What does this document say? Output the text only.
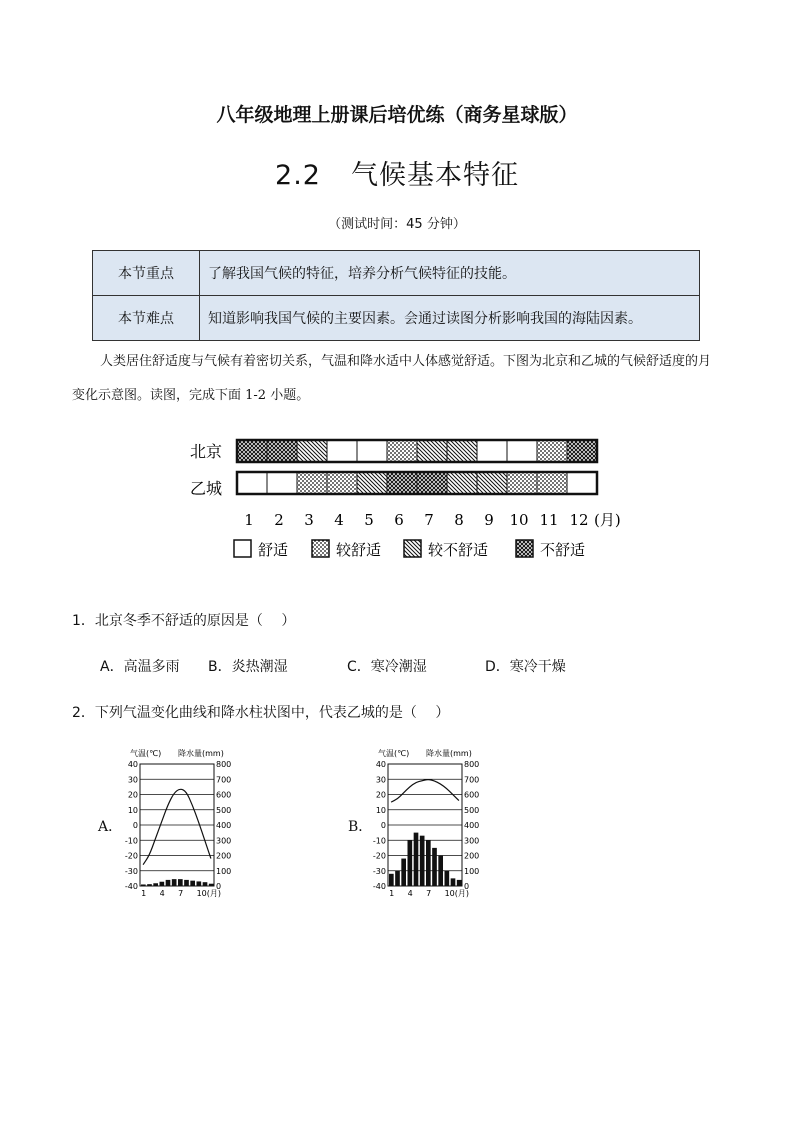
八年级地理上册课后培优练（商务星球版）
2.2 气候基本特征
（测试时间：45 分钟）
本节重点	了解我国气候的特征，培养分析气候特征的技能。
本节难点	知道影响我国气候的主要因素。会通过读图分析影响我国的海陆因素。
人类居住舒适度与气候有着密切关系，气温和降水适中人体感觉舒适。下图为北京和乙城的气候舒适度的月变化示意图。读图，完成下面 1-2 小题。
北京
乙城
1 2 3 4 5 6 7 8 9 10 11 12 (月)
舒适	较舒适	较不舒适	不舒适
1．北京冬季不舒适的原因是（　 ）
A．高温多雨 B．炎热潮湿	C．寒冷潮湿	D．寒冷干燥
2．下列气温变化曲线和降水柱状图中，代表乙城的是（　 ）
A．	B．
气温(℃) 降水量(mm)
40	800
30	700
20	600
10	500
0	400
-10	300
-20	200
-30	100
-40	0
1 4 7 10(月)
气温(℃) 降水量(mm)
40	800
30	700
20	600
10	500
0	400
-10	300
-20	200
-30	100
-40	0
1 4 7 10(月)
